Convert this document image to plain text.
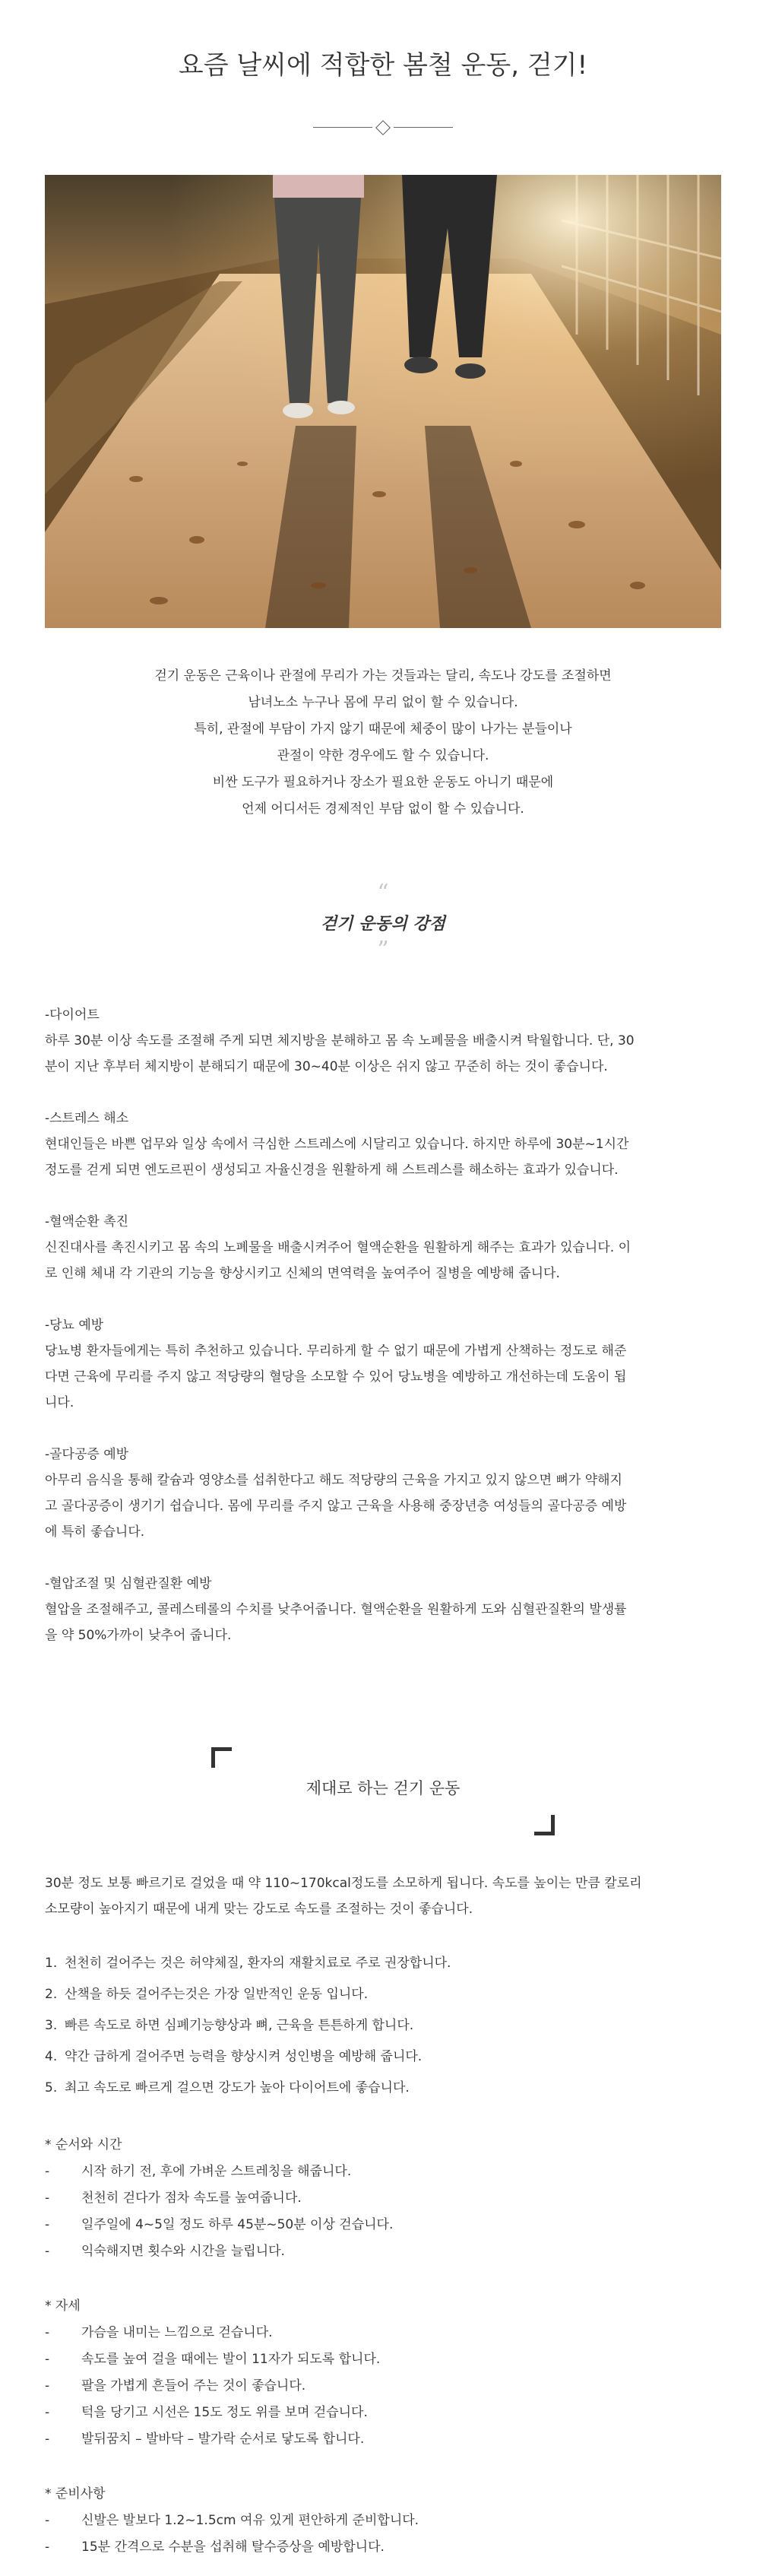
요즘 날씨에 적합한 봄철 운동, 걷기!

걷기 운동은 근육이나 관절에 무리가 가는 것들과는 달리, 속도나 강도를 조절하면

남녀노소 누구나 몸에 무리 없이 할 수 있습니다.

특히, 관절에 부담이 가지 않기 때문에 체중이 많이 나가는 분들이나

관절이 약한 경우에도 할 수 있습니다.

비싼 도구가 필요하거나 장소가 필요한 운동도 아니기 때문에

언제 어디서든 경제적인 부담 없이 할 수 있습니다.

“
걷기 운동의 강점
”
-다이어트
하루 30분 이상 속도를 조절해 주게 되면 체지방을 분해하고 몸 속 노폐물을 배출시켜 탁월합니다. 단, 30
분이 지난 후부터 체지방이 분해되기 때문에 30~40분 이상은 쉬지 않고 꾸준히 하는 것이 좋습니다.
-스트레스 해소
현대인들은 바쁜 업무와 일상 속에서 극심한 스트레스에 시달리고 있습니다. 하지만 하루에 30분~1시간
정도를 걷게 되면 엔도르핀이 생성되고 자율신경을 원활하게 해 스트레스를 해소하는 효과가 있습니다.
-혈액순환 촉진
신진대사를 촉진시키고 몸 속의 노폐물을 배출시켜주어 혈액순환을 원활하게 해주는 효과가 있습니다. 이
로 인해 체내 각 기관의 기능을 향상시키고 신체의 면역력을 높여주어 질병을 예방해 줍니다.
-당뇨 예방
당뇨병 환자들에게는 특히 추천하고 있습니다. 무리하게 할 수 없기 때문에 가볍게 산책하는 정도로 해준
다면 근육에 무리를 주지 않고 적당량의 혈당을 소모할 수 있어 당뇨병을 예방하고 개선하는데 도움이 됩
니다.
-골다공증 예방
아무리 음식을 통해 칼슘과 영양소를 섭취한다고 해도 적당량의 근육을 가지고 있지 않으면 뼈가 약해지
고 골다공증이 생기기 쉽습니다. 몸에 무리를 주지 않고 근육을 사용해 중장년층 여성들의 골다공증 예방
에 특히 좋습니다.
-혈압조절 및 심혈관질환 예방
혈압을 조절해주고, 콜레스테롤의 수치를 낮추어줍니다. 혈액순환을 원활하게 도와 심혈관질환의 발생률
을 약 50%가까이 낮추어 줍니다.
제대로 하는 걷기 운동

30분 정도 보통 빠르기로 걸었을 때 약 110~170kcal정도를 소모하게 됩니다. 속도를 높이는 만큼 칼로리

소모량이 높아지기 때문에 내게 맞는 강도로 속도를 조절하는 것이 좋습니다.

1. 천천히 걸어주는 것은 허약체질, 환자의 재활치료로 주로 권장합니다.
2. 산책을 하듯 걸어주는것은 가장 일반적인 운동 입니다.
3. 빠른 속도로 하면 심폐기능향상과 뼈, 근육을 튼튼하게 합니다.
4. 약간 급하게 걸어주면 능력을 향상시켜 성인병을 예방해 줍니다.
5. 최고 속도로 빠르게 걸으면 강도가 높아 다이어트에 좋습니다.
* 순서와 시간
- 시작 하기 전, 후에 가벼운 스트레칭을 해줍니다.
- 천천히 걷다가 점차 속도를 높여줍니다.
- 일주일에 4~5일 정도 하루 45분~50분 이상 걷습니다.
- 익숙해지면 횟수와 시간을 늘립니다.
* 자세
- 가슴을 내미는 느낌으로 걷습니다.
- 속도를 높여 걸을 때에는 발이 11자가 되도록 합니다.
- 팔을 가볍게 흔들어 주는 것이 좋습니다.
- 턱을 당기고 시선은 15도 정도 위를 보며 걷습니다.
- 발뒤꿈치 – 발바닥 – 발가락 순서로 닿도록 합니다.
* 준비사항
- 신발은 발보다 1.2~1.5cm 여유 있게 편안하게 준비합니다.
- 15분 간격으로 수분을 섭취해 탈수증상을 예방합니다.
